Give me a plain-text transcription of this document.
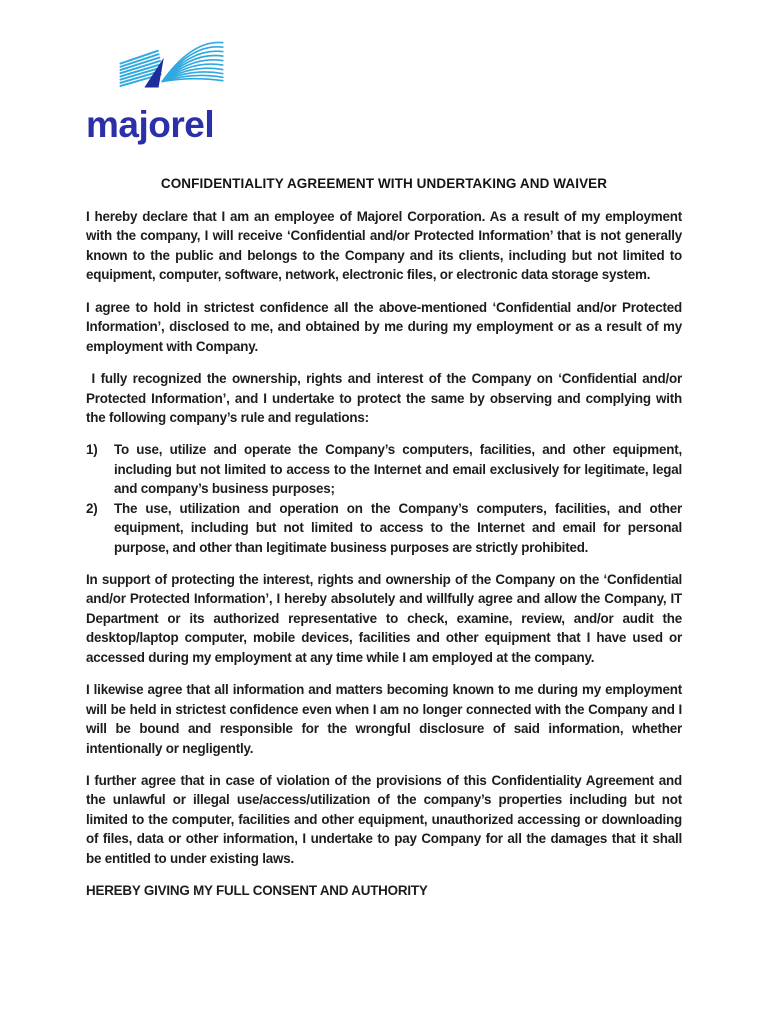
majorel
CONFIDENTIALITY AGREEMENT WITH UNDERTAKING AND WAIVER

I hereby declare that I am an employee of Majorel Corporation. As a result of my employment with the company, I will receive ‘Confidential and/or Protected Information’ that is not generally known to the public and belongs to the Company and its clients, including but not limited to equipment, computer, software, network, electronic files, or electronic data storage system.

I agree to hold in strictest confidence all the above-mentioned ‘Confidential and/or Protected Information’, disclosed to me, and obtained by me during my employment or as a result of my employment with Company.

I fully recognized the ownership, rights and interest of the Company on ‘Confidential and/or Protected Information’, and I undertake to protect the same by observing and complying with the following company’s rule and regulations:

1)	To use, utilize and operate the Company’s computers, facilities, and other equipment, including but not limited to access to the Internet and email exclusively for legitimate, legal and company’s business purposes;
2)	The use, utilization and operation on the Company’s computers, facilities, and other equipment, including but not limited to access to the Internet and email for personal purpose, and other than legitimate business purposes are strictly prohibited.

In support of protecting the interest, rights and ownership of the Company on the ‘Confidential and/or Protected Information’, I hereby absolutely and willfully agree and allow the Company, IT Department or its authorized representative to check, examine, review, and/or audit the desktop/laptop computer, mobile devices, facilities and other equipment that I have used or accessed during my employment at any time while I am employed at the company.

I likewise agree that all information and matters becoming known to me during my employment will be held in strictest confidence even when I am no longer connected with the Company and I will be bound and responsible for the wrongful disclosure of said information, whether intentionally or negligently.

I further agree that in case of violation of the provisions of this Confidentiality Agreement and the unlawful or illegal use/access/utilization of the company’s properties including but not limited to the computer, facilities and other equipment, unauthorized accessing or downloading of files, data or other information, I undertake to pay Company for all the damages that it shall be entitled to under existing laws.

HEREBY GIVING MY FULL CONSENT AND AUTHORITY
